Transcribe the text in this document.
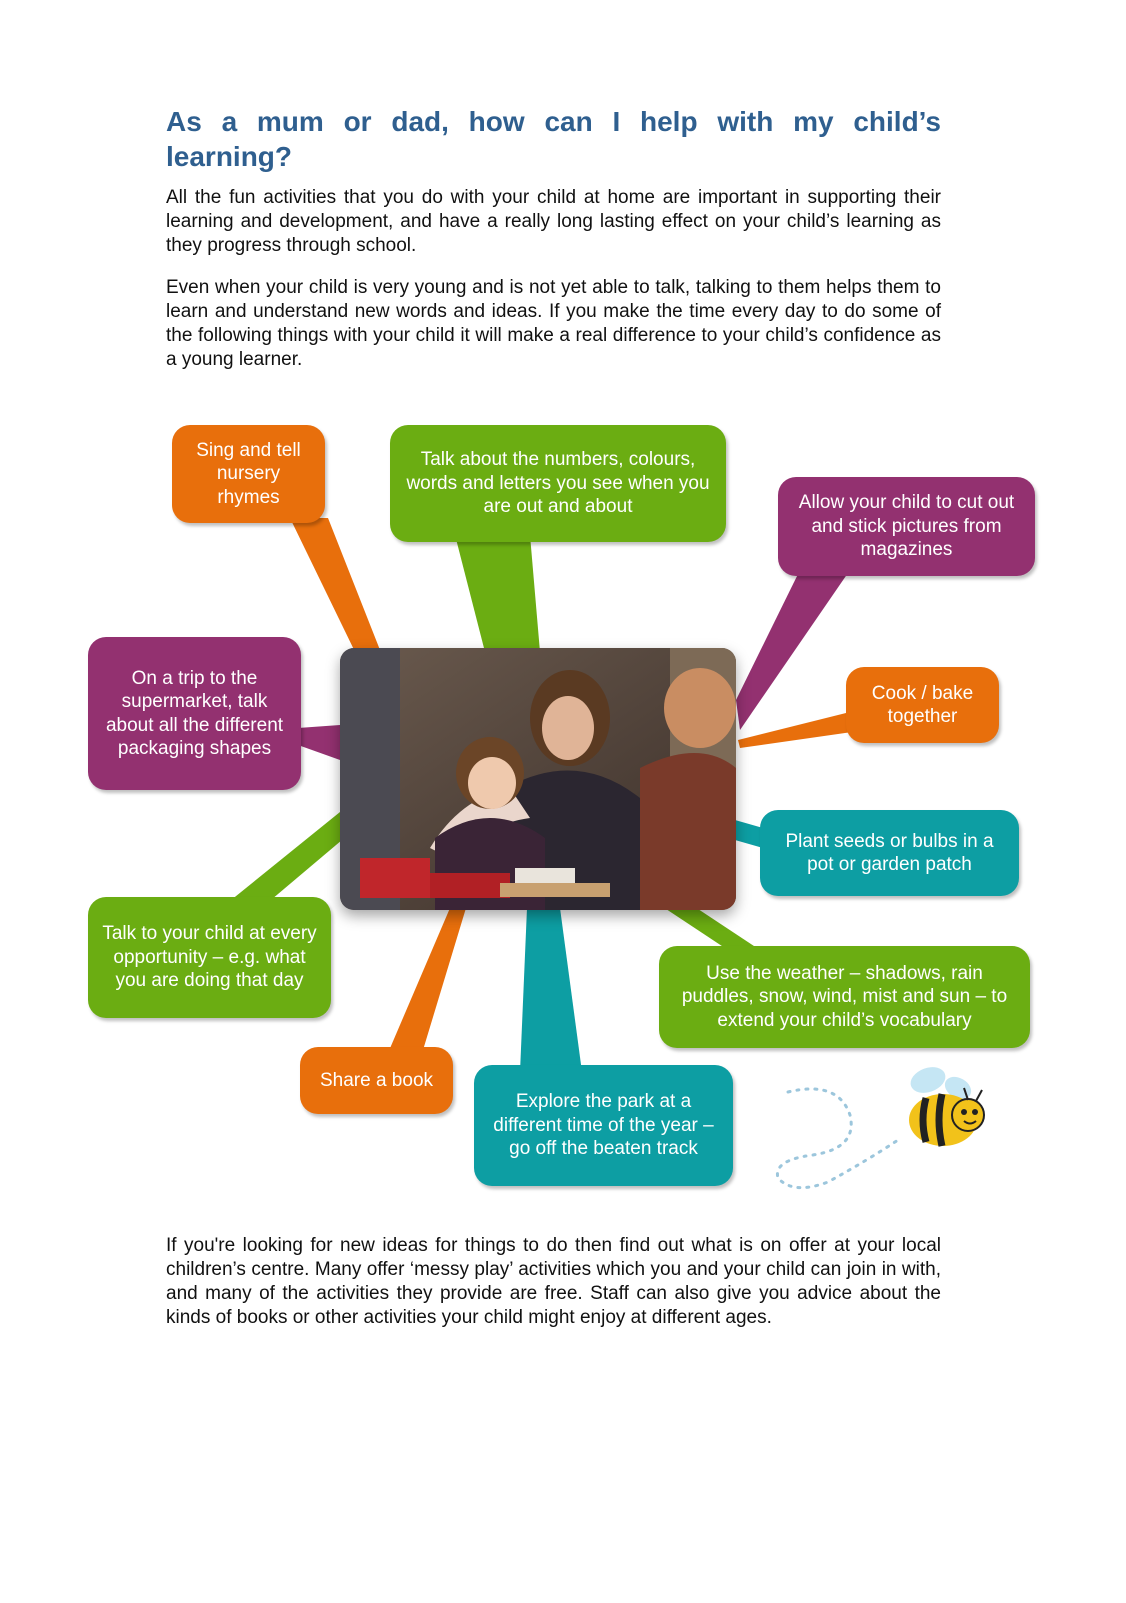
As a mum or dad, how can I help with my child’s learning?

All the fun activities that you do with your child at home are important in supporting their learning and development, and have a really long lasting effect on your child’s learning as they progress through school.

Even when your child is very young and is not yet able to talk, talking to them helps them to learn and understand new words and ideas. If you make the time every day to do some of the following things with your child it will make a real difference to your child’s confidence as a young learner.

Sing and tell nursery rhymes
Talk about the numbers, colours, words and letters you see when you are out and about	Allow your child to cut out and stick pictures from magazines
On a trip to the supermarket, talk about all the different packaging shapes
Cook / bake together
Plant seeds or bulbs in a pot or garden patch
Talk to your child at every opportunity – e.g. what you are doing that day	Use the weather – shadows, rain puddles, snow, wind, mist and sun – to extend your child’s vocabulary
Share a book
Explore the park at a different time of the year – go off the beaten track

If you're looking for new ideas for things to do then find out what is on offer at your local children’s centre. Many offer ‘messy play’ activities which you and your child can join in with, and many of the activities they provide are free. Staff can also give you advice about the kinds of books or other activities your child might enjoy at different ages.
